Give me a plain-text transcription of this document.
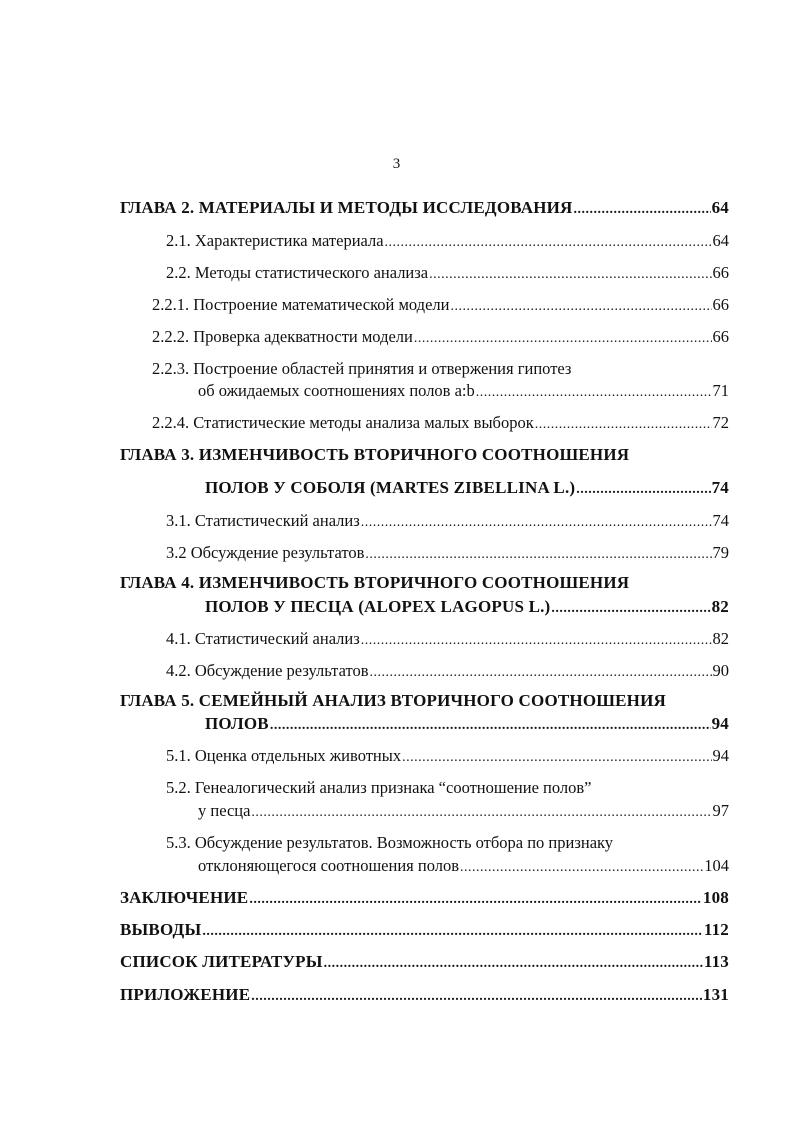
3
ГЛАВА 2. МАТЕРИАЛЫ И МЕТОДЫ ИССЛЕДОВАНИЯ .....	64
2.1. Характеристика материала .....	64
2.2. Методы статистического анализа .....	66
2.2.1. Построение математической модели .....	66
2.2.2. Проверка адекватности модели .....	66
2.2.3. Построение областей принятия и отвержения гипотез
об ожидаемых соотношениях полов a:b .....	71
2.2.4. Статистические методы анализа малых выборок .....	72
ГЛАВА 3. ИЗМЕНЧИВОСТЬ ВТОРИЧНОГО СООТНОШЕНИЯ
ПОЛОВ У СОБОЛЯ (MARTES ZIBELLINA L.) .....	74
3.1. Статистический анализ .....	74
3.2 Обсуждение результатов .....	79
ГЛАВА 4. ИЗМЕНЧИВОСТЬ ВТОРИЧНОГО СООТНОШЕНИЯ
ПОЛОВ У ПЕСЦА (ALOPEX LAGOPUS L.) .....	82
4.1. Статистический анализ .....	82
4.2. Обсуждение результатов .....	90
ГЛАВА 5. СЕМЕЙНЫЙ АНАЛИЗ ВТОРИЧНОГО СООТНОШЕНИЯ
ПОЛОВ .....	94
5.1. Оценка отдельных животных .....	94
5.2. Генеалогический анализ признака “соотношение полов”
у песца .....	97
5.3. Обсуждение результатов. Возможность отбора по признаку
отклоняющегося соотношения полов .....	104
ЗАКЛЮЧЕНИЕ .....	108
ВЫВОДЫ .....	112
СПИСОК ЛИТЕРАТУРЫ .....	113
ПРИЛОЖЕНИЕ .....	131
